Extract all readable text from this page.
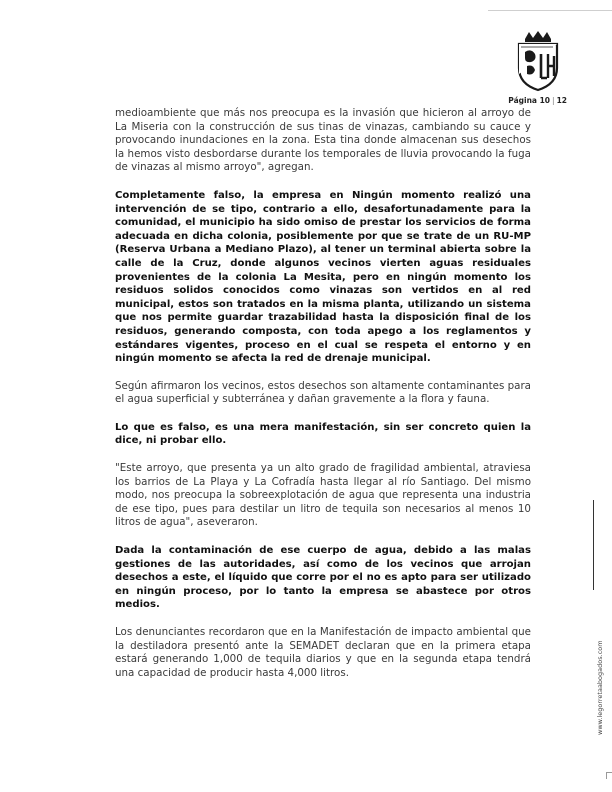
Página 10 | 12

medioambiente que más nos preocupa es la invasión que hicieron al arroyo de La Miseria con la construcción de sus tinas de vinazas, cambiando su cauce y provocando inundaciones en la zona. Esta tina donde almacenan sus desechos la hemos visto desbordarse durante los temporales de lluvia provocando la fuga de vinazas al mismo arroyo", agregan.

Completamente falso, la empresa en Ningún momento realizó una intervención de se tipo, contrario a ello, desafortunadamente para la comunidad, el municipio ha sido omiso de prestar los servicios de forma adecuada en dicha colonia, posiblemente por que se trate de un RU-MP (Reserva Urbana a Mediano Plazo), al tener un terminal abierta sobre la calle de la Cruz, donde algunos vecinos vierten aguas residuales provenientes de la colonia La Mesita, pero en ningún momento los residuos solidos conocidos como vinazas son vertidos en al red municipal, estos son tratados en la misma planta, utilizando un sistema que nos permite guardar trazabilidad hasta la disposición final de los residuos, generando composta, con toda apego a los reglamentos y estándares vigentes, proceso en el cual se respeta el entorno y en ningún momento se afecta la red de drenaje municipal.

Según afirmaron los vecinos, estos desechos son altamente contaminantes para el agua superficial y subterránea y dañan gravemente a la flora y fauna.

Lo que es falso, es una mera manifestación, sin ser concreto quien la dice, ni probar ello.

"Este arroyo, que presenta ya un alto grado de fragilidad ambiental, atraviesa los barrios de La Playa y La Cofradía hasta llegar al río Santiago. Del mismo modo, nos preocupa la sobreexplotación de agua que representa una industria de ese tipo, pues para destilar un litro de tequila son necesarios al menos 10 litros de agua", aseveraron.

Dada la contaminación de ese cuerpo de agua, debido a las malas gestiones de las autoridades, así como de los vecinos que arrojan desechos a este, el líquido que corre por el no es apto para ser utilizado en ningún proceso, por lo tanto la empresa se abastece por otros medios.

Los denunciantes recordaron que en la Manifestación de impacto ambiental que la destiladora presentó ante la SEMADET declaran que en la primera etapa estará generando 1,000 de tequila diarios y que en la segunda etapa tendrá una capacidad de producir hasta 4,000 litros.	www.legorretaabogados.com
